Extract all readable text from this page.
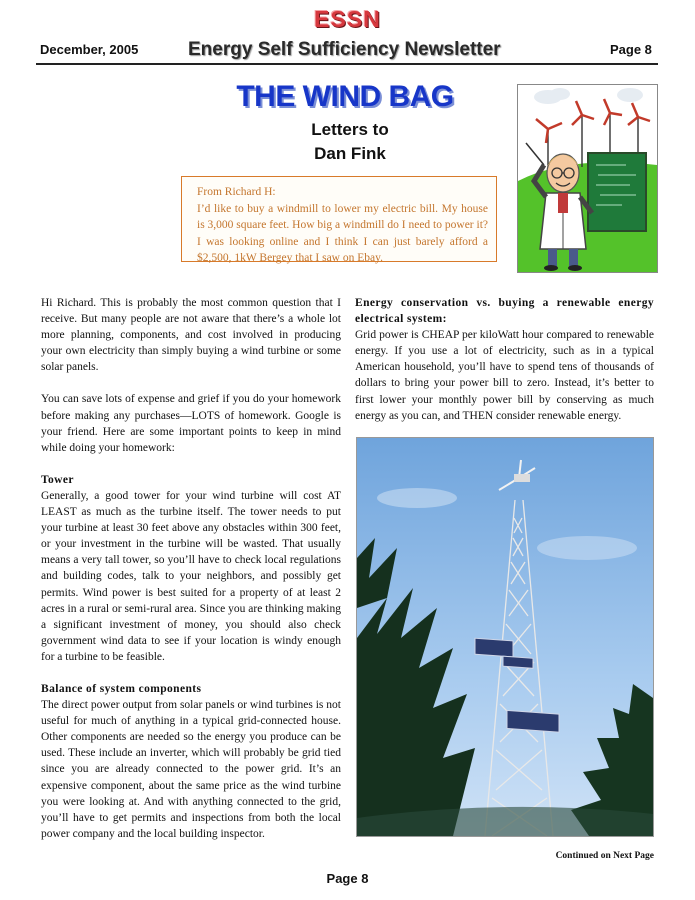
ESSN
December, 2005	Energy Self Sufficiency Newsletter	Page 8
THE WIND BAG
Letters to
Dan Fink
From Richard H:
I’d like to buy a windmill to lower my electric bill. My house is 3,000 square feet. How big a windmill do I need to power it? I was looking online and I think I can just barely afford a $2,500, 1kW Bergey that I saw on Ebay.

Hi Richard. This is probably the most common question that I receive. But many people are not aware that there’s a whole lot more planning, components, and cost involved in producing your own electricity than simply buying a wind turbine or some solar panels.

You can save lots of expense and grief if you do your homework before making any purchases—LOTS of homework. Google is your friend. Here are some important points to keep in mind while doing your homework:

Tower

Generally, a good tower for your wind turbine will cost AT LEAST as much as the turbine itself. The tower needs to put your turbine at least 30 feet above any obstacles within 300 feet, or your investment in the turbine will be wasted. That usually means a very tall tower, so you’ll have to check local regulations and building codes, talk to your neighbors, and possibly get permits. Wind power is best suited for a property of at least 2 acres in a rural or semi-rural area. Since you are thinking making a significant investment of money, you should also check government wind data to see if your location is windy enough for a turbine to be feasible.

Balance of system components

The direct power output from solar panels or wind turbines is not useful for much of anything in a typical grid-connected house. Other components are needed so the energy you produce can be used. These include an inverter, which will probably be grid tied since you are already connected to the power grid. It’s an expensive component, about the same price as the wind turbine you were looking at. And with anything connected to the grid, you’ll have to get permits and inspections from both the local power company and the local building inspector.

Energy conservation vs. buying a renewable energy electrical system:

Grid power is CHEAP per kiloWatt hour compared to renewable energy. If you use a lot of electricity, such as in a typical American household, you’ll have to spend tens of thousands of dollars to bring your power bill to zero. Instead, it’s better to first lower your monthly power bill by conserving as much energy as you can, and THEN consider renewable energy.

Continued on Next Page
Page 8
